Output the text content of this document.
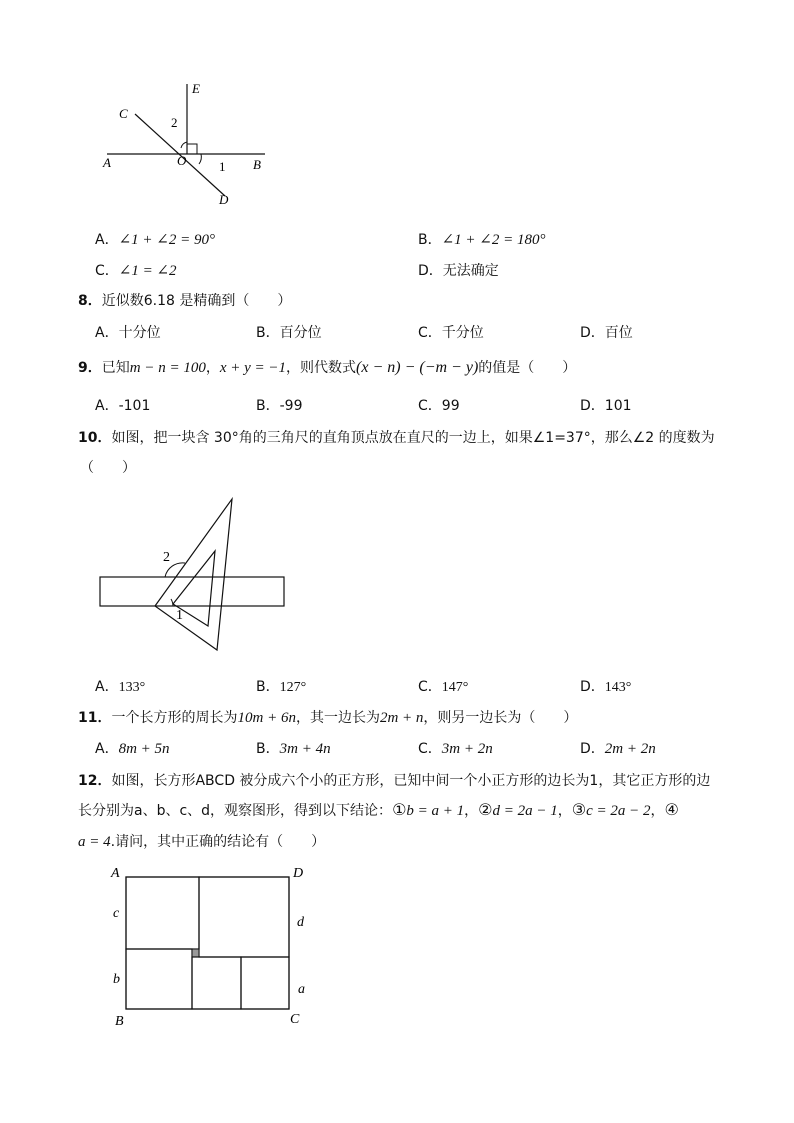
E
C
2
A	O	1 B
D
A．∠1 + ∠2 = 90°	B．∠1 + ∠2 = 180°
C．∠1 = ∠2	D．无法确定
8．近似数6.18 是精确到（　　）
A．十分位	B．百分位	C．千分位	D．百位
9．已知m − n = 100，x + y = −1，则代数式(x − n) − (−m − y)的值是（　　）
A．-101	B．-99	C．99	D．101
10．如图，把一块含 30°角的三角尺的直角顶点放在直尺的一边上，如果∠1=37°，那么∠2 的度数为
（　　）
2
1
A．133°	B．127°	C．147°	D．143°
11．一个长方形的周长为10m + 6n，其一边长为2m + n，则另一边长为（　　）
A．8m + 5n	B．3m + 4n	C．3m + 2n	D．2m + 2n
12．如图，长方形ABCD 被分成六个小的正方形，已知中间一个小正方形的边长为1，其它正方形的边
长分别为a、b、c、d，观察图形，得到以下结论：①b = a + 1，②d = 2a − 1，③c = 2a − 2，④
a = 4.请问，其中正确的结论有（　　）
A	D
c
d
b
a
B	C
